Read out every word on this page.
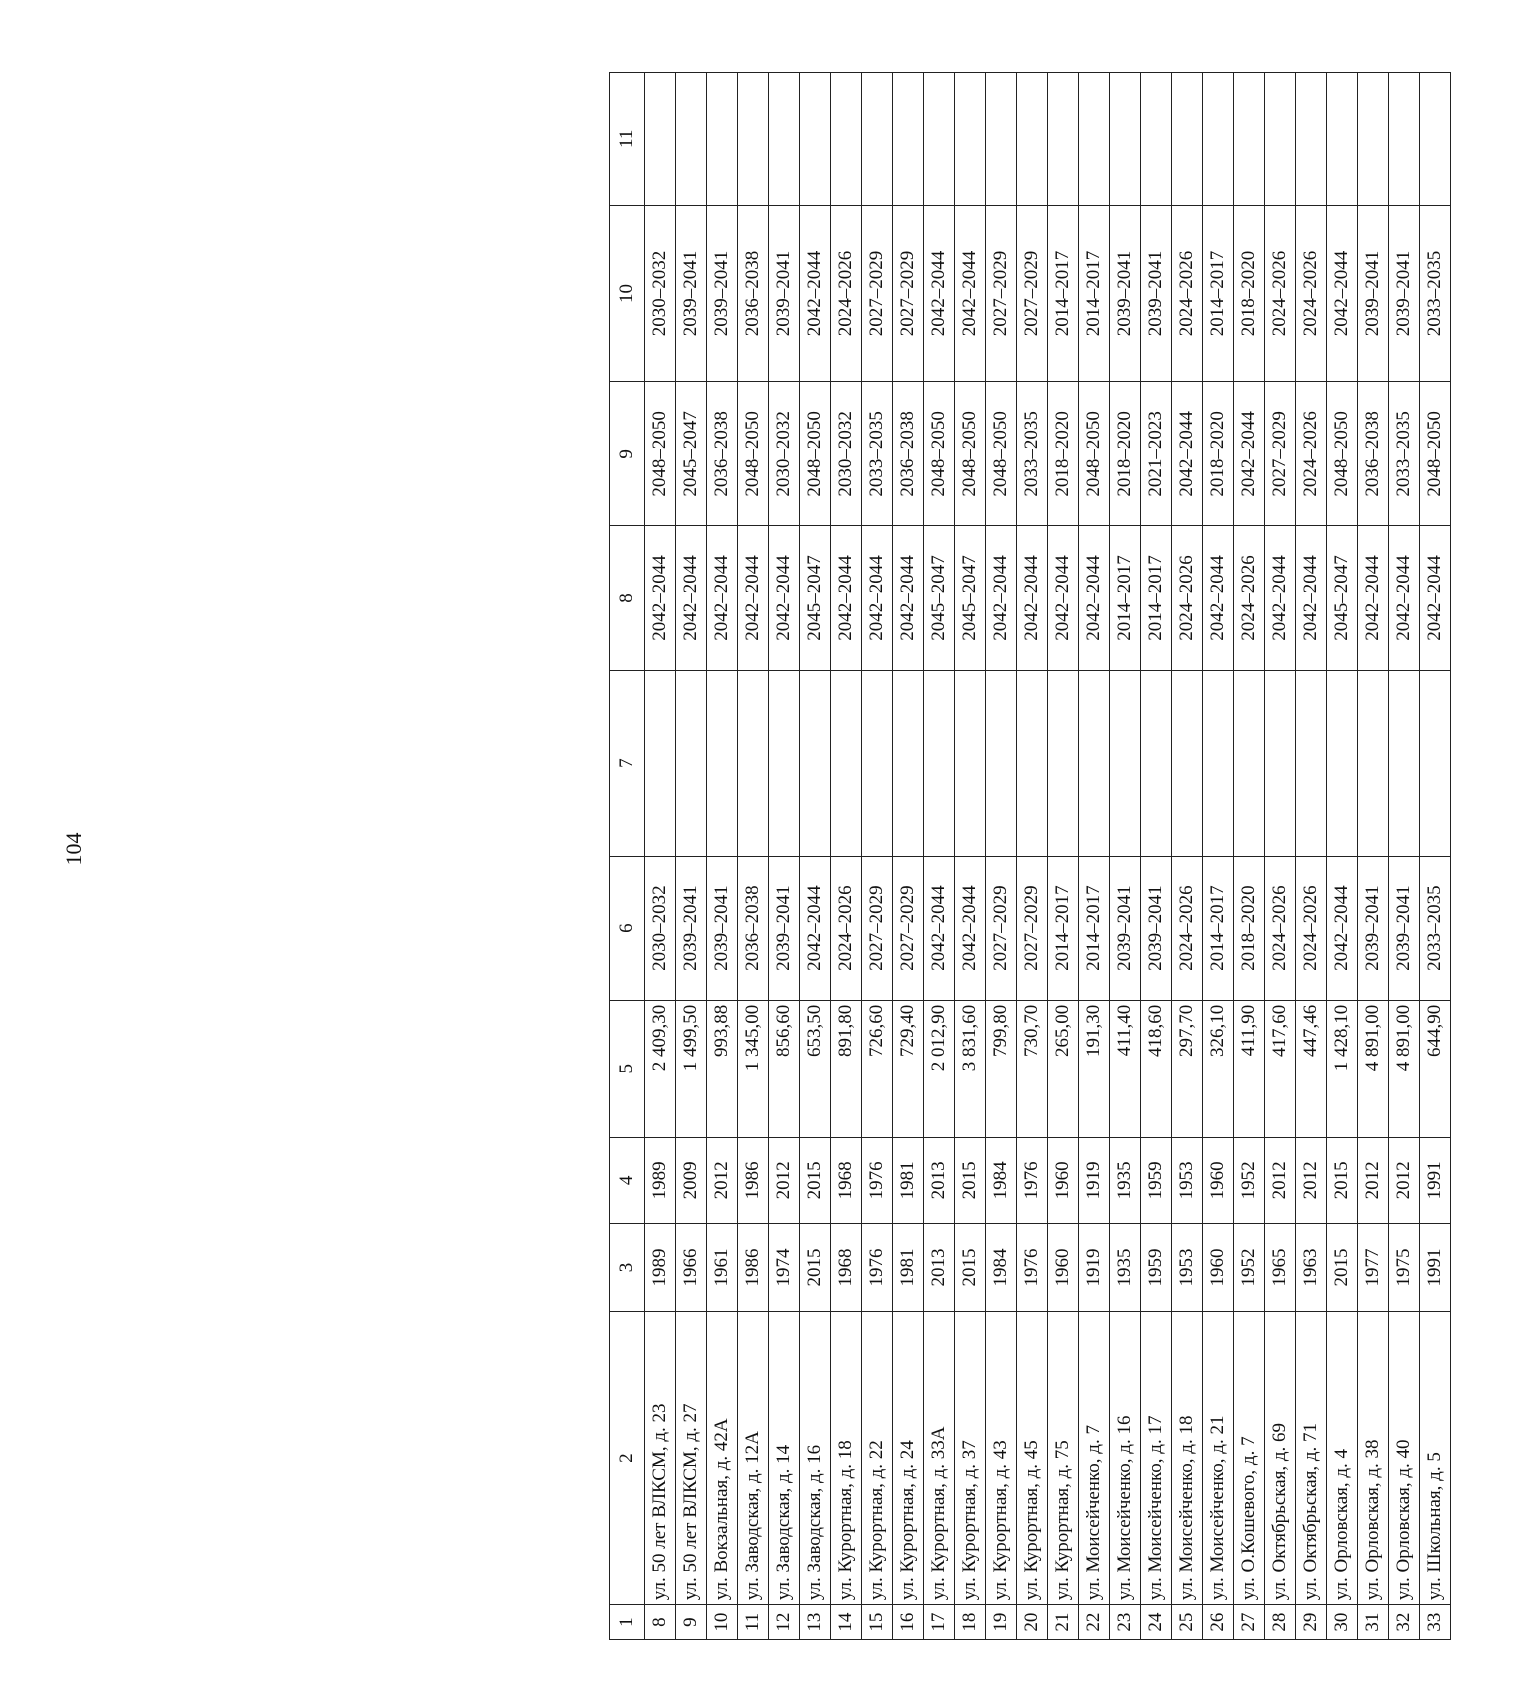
104
1	2	3	4	5	6	7	8	9	10	11
8	ул. 50 лет ВЛКСМ, д. 23	1989	1989	2 409,30	2030–2032		2042–2044	2048–2050	2030–2032	
9	ул. 50 лет ВЛКСМ, д. 27	1966	2009	1 499,50	2039–2041		2042–2044	2045–2047	2039–2041	
10	ул. Вокзальная, д. 42А	1961	2012	993,88	2039–2041		2042–2044	2036–2038	2039–2041	
11	ул. Заводская, д. 12А	1986	1986	1 345,00	2036–2038		2042–2044	2048–2050	2036–2038	
12	ул. Заводская, д. 14	1974	2012	856,60	2039–2041		2042–2044	2030–2032	2039–2041	
13	ул. Заводская, д. 16	2015	2015	653,50	2042–2044		2045–2047	2048–2050	2042–2044	
14	ул. Курортная, д. 18	1968	1968	891,80	2024–2026		2042–2044	2030–2032	2024–2026	
15	ул. Курортная, д. 22	1976	1976	726,60	2027–2029		2042–2044	2033–2035	2027–2029	
16	ул. Курортная, д. 24	1981	1981	729,40	2027–2029		2042–2044	2036–2038	2027–2029	
17	ул. Курортная, д. 33А	2013	2013	2 012,90	2042–2044		2045–2047	2048–2050	2042–2044	
18	ул. Курортная, д. 37	2015	2015	3 831,60	2042–2044		2045–2047	2048–2050	2042–2044	
19	ул. Курортная, д. 43	1984	1984	799,80	2027–2029		2042–2044	2048–2050	2027–2029	
20	ул. Курортная, д. 45	1976	1976	730,70	2027–2029		2042–2044	2033–2035	2027–2029	
21	ул. Курортная, д. 75	1960	1960	265,00	2014–2017		2042–2044	2018–2020	2014–2017	
22	ул. Моисейченко, д. 7	1919	1919	191,30	2014–2017		2042–2044	2048–2050	2014–2017	
23	ул. Моисейченко, д. 16	1935	1935	411,40	2039–2041		2014–2017	2018–2020	2039–2041	
24	ул. Моисейченко, д. 17	1959	1959	418,60	2039–2041		2014–2017	2021–2023	2039–2041	
25	ул. Моисейченко, д. 18	1953	1953	297,70	2024–2026		2024–2026	2042–2044	2024–2026	
26	ул. Моисейченко, д. 21	1960	1960	326,10	2014–2017		2042–2044	2018–2020	2014–2017	
27	ул. О.Кошевого, д. 7	1952	1952	411,90	2018–2020		2024–2026	2042–2044	2018–2020	
28	ул. Октябрьская, д. 69	1965	2012	417,60	2024–2026		2042–2044	2027–2029	2024–2026	
29	ул. Октябрьская, д. 71	1963	2012	447,46	2024–2026		2042–2044	2024–2026	2024–2026	
30	ул. Орловская, д. 4	2015	2015	1 428,10	2042–2044		2045–2047	2048–2050	2042–2044	
31	ул. Орловская, д. 38	1977	2012	4 891,00	2039–2041		2042–2044	2036–2038	2039–2041	
32	ул. Орловская, д. 40	1975	2012	4 891,00	2039–2041		2042–2044	2033–2035	2039–2041	
33	ул. Школьная, д. 5	1991	1991	644,90	2033–2035		2042–2044	2048–2050	2033–2035	
